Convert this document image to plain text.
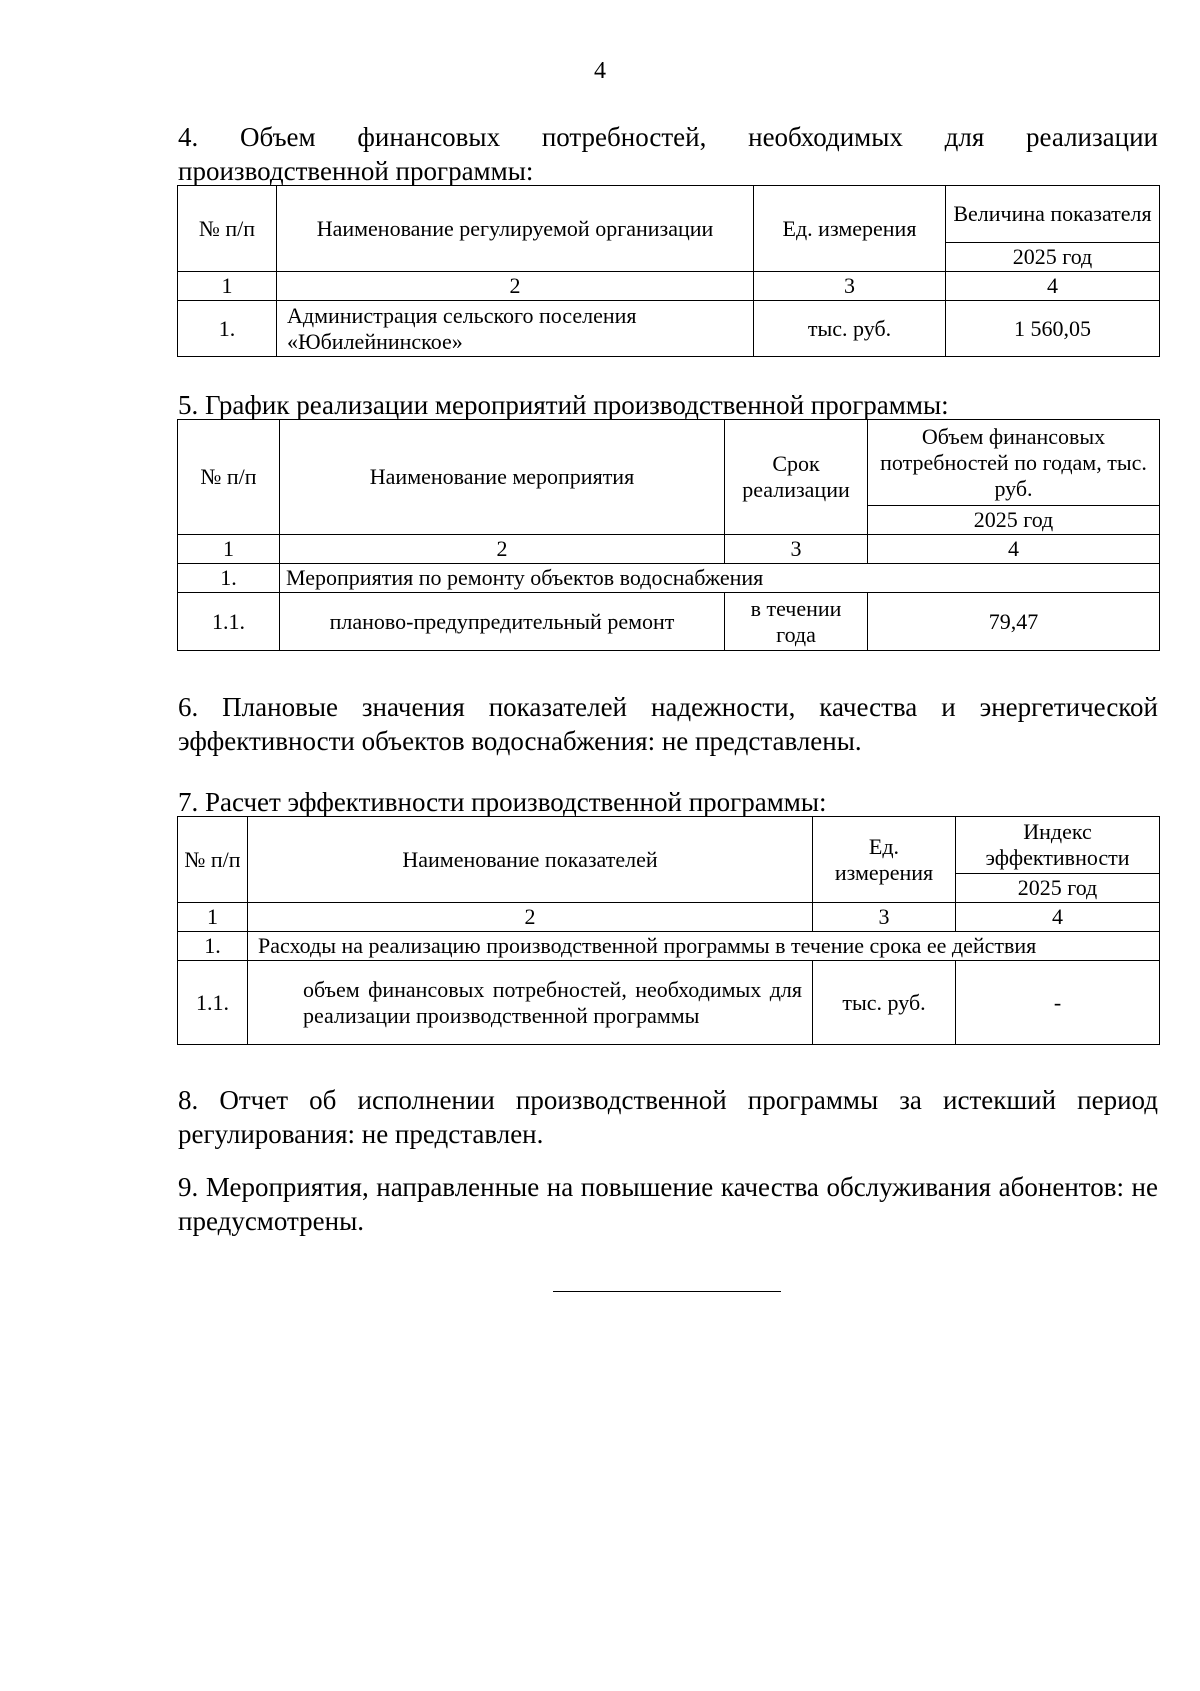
4
4. Объем финансовых потребностей, необходимых для реализации производственной программы:
№ п/п	Наименование регулируемой организации	Ед. измерения	Величина показателя
			2025 год
1	2	3	4
1.	Администрация сельского поселения «Юбилейнинское»	тыс. руб.	1 560,05
5. График реализации мероприятий производственной программы:
№ п/п	Наименование мероприятия	Срок реализации	Объем финансовых потребностей по годам, тыс. руб.
			2025 год
1	2	3	4
1.	Мероприятия по ремонту объектов водоснабжения		
1.1.	планово-предупредительный ремонт	в течении года	79,47
6. Плановые значения показателей надежности, качества и энергетической эффективности объектов водоснабжения: не представлены.
7. Расчет эффективности производственной программы:
№ п/п	Наименование показателей	Ед. измерения	Индекс эффективности
			2025 год
1	2	3	4
1.	Расходы на реализацию производственной программы в течение срока ее действия		
1.1.	объем финансовых потребностей, необходимых для реализации производственной программы	тыс. руб.	-
8. Отчет об исполнении производственной программы за истекший период регулирования: не представлен.
9. Мероприятия, направленные на повышение качества обслуживания абонентов: не предусмотрены.
